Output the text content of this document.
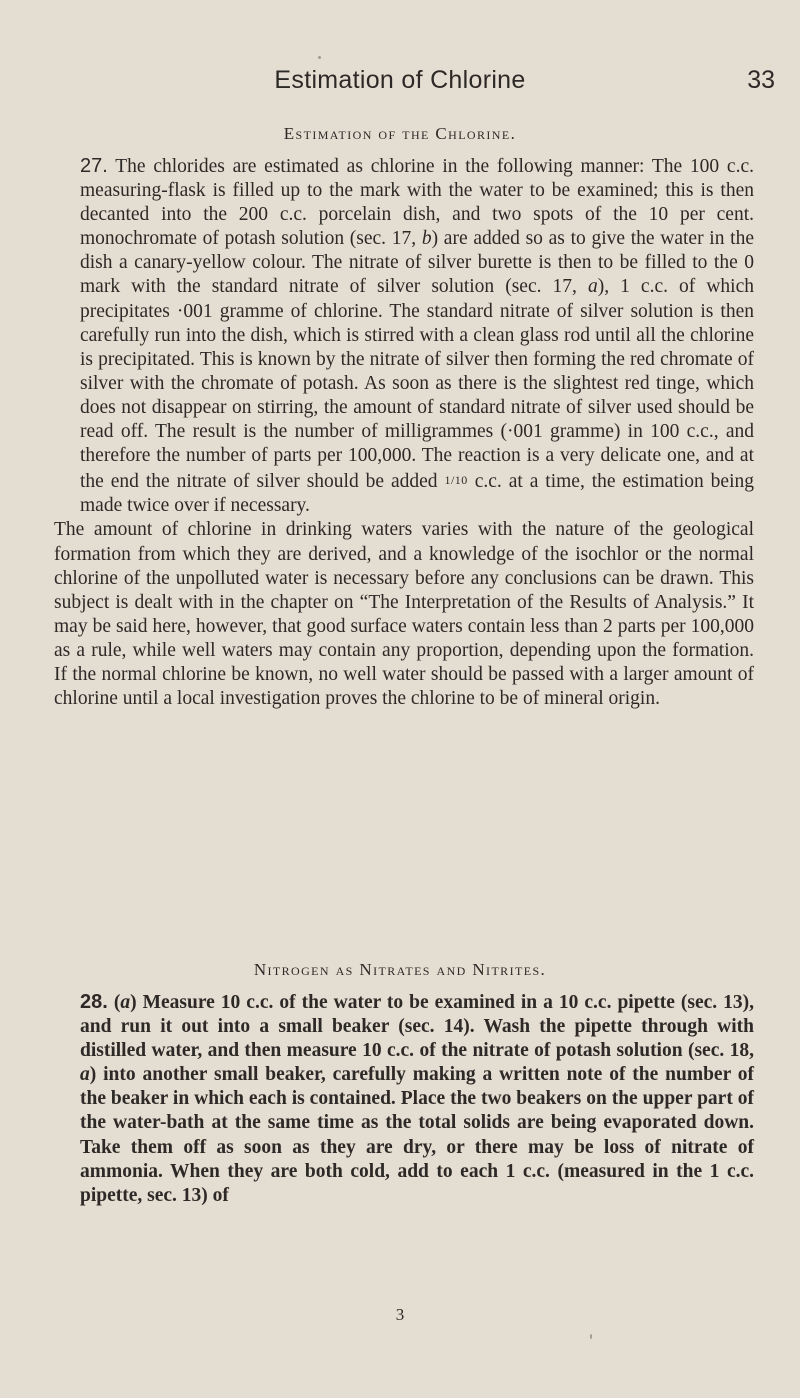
Estimation of Chlorine	33
Estimation of the Chlorine.

27. The chlorides are estimated as chlorine in the following manner: The 100 c.c. measuring-flask is filled up to the mark with the water to be examined; this is then decanted into the 200 c.c. porcelain dish, and two spots of the 10 per cent. monochromate of potash solution (sec. 17, b) are added so as to give the water in the dish a canary-yellow colour. The nitrate of silver burette is then to be filled to the 0 mark with the standard nitrate of silver solution (sec. 17, a), 1 c.c. of which precipitates ·001 gramme of chlorine. The standard nitrate of silver solution is then carefully run into the dish, which is stirred with a clean glass rod until all the chlorine is precipitated. This is known by the nitrate of silver then forming the red chromate of silver with the chromate of potash. As soon as there is the slightest red tinge, which does not disappear on stirring, the amount of standard nitrate of silver used should be read off. The result is the number of milligrammes (·001 gramme) in 100 c.c., and therefore the number of parts per 100,000. The reaction is a very delicate one, and at the end the nitrate of silver should be added 1/10 c.c. at a time, the estimation being made twice over if necessary.

The amount of chlorine in drinking waters varies with the nature of the geological formation from which they are derived, and a knowledge of the isochlor or the normal chlorine of the unpolluted water is necessary before any conclusions can be drawn. This subject is dealt with in the chapter on “The Interpretation of the Results of Analysis.” It may be said here, however, that good surface waters contain less than 2 parts per 100,000 as a rule, while well waters may contain any proportion, depending upon the formation. If the normal chlorine be known, no well water should be passed with a larger amount of chlorine until a local investigation proves the chlorine to be of mineral origin.

Nitrogen as Nitrates and Nitrites.

28. (a) Measure 10 c.c. of the water to be examined in a 10 c.c. pipette (sec. 13), and run it out into a small beaker (sec. 14). Wash the pipette through with distilled water, and then measure 10 c.c. of the nitrate of potash solution (sec. 18, a) into another small beaker, carefully making a written note of the number of the beaker in which each is contained. Place the two beakers on the upper part of the water-bath at the same time as the total solids are being evaporated down. Take them off as soon as they are dry, or there may be loss of nitrate of ammonia. When they are both cold, add to each 1 c.c. (measured in the 1 c.c. pipette, sec. 13) of

3
